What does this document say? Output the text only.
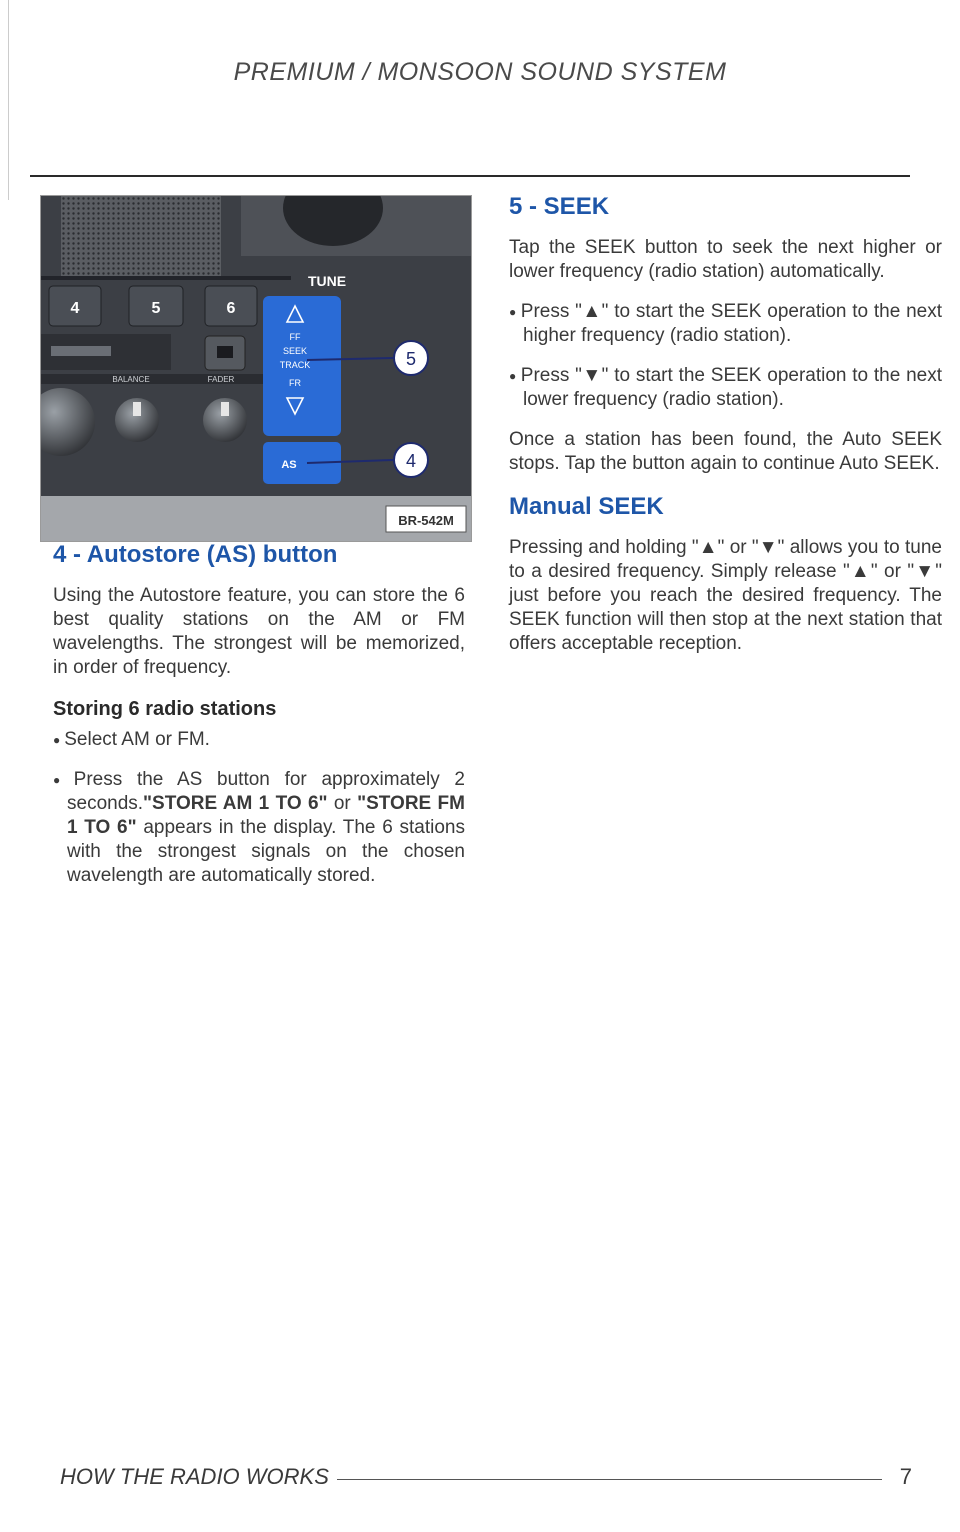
PREMIUM / MONSOON SOUND SYSTEM
4	5	6
BALANCE	FADER
TUNE
FF
SEEK
TRACK
FR
AS
5
4
BR-542M
4 - Autostore (AS) button

Using the Autostore feature, you can store the 6 best quality stations on the AM or FM wavelengths. The strongest will be memorized, in order of frequency.

Storing 6 radio stations

● Select AM or FM.

● Press the AS button for approximately 2 seconds."STORE AM 1 TO 6" or "STORE FM 1 TO 6" appears in the display. The 6 stations with the strongest signals on the chosen wavelength are automatically stored.

5 - SEEK

Tap the SEEK button to seek the next higher or lower frequency (radio station) automatically.

● Press "▲" to start the SEEK operation to the next higher frequency (radio station).

● Press "▼" to start the SEEK operation to the next lower frequency (radio station).

Once a station has been found, the Auto SEEK stops. Tap the button again to continue Auto SEEK.

Manual SEEK

Pressing and holding "▲" or "▼" allows you to tune to a desired frequency. Simply release "▲" or "▼" just before you reach the desired frequency. The SEEK function will then stop at the next station that offers acceptable reception.

HOW THE RADIO WORKS	7
